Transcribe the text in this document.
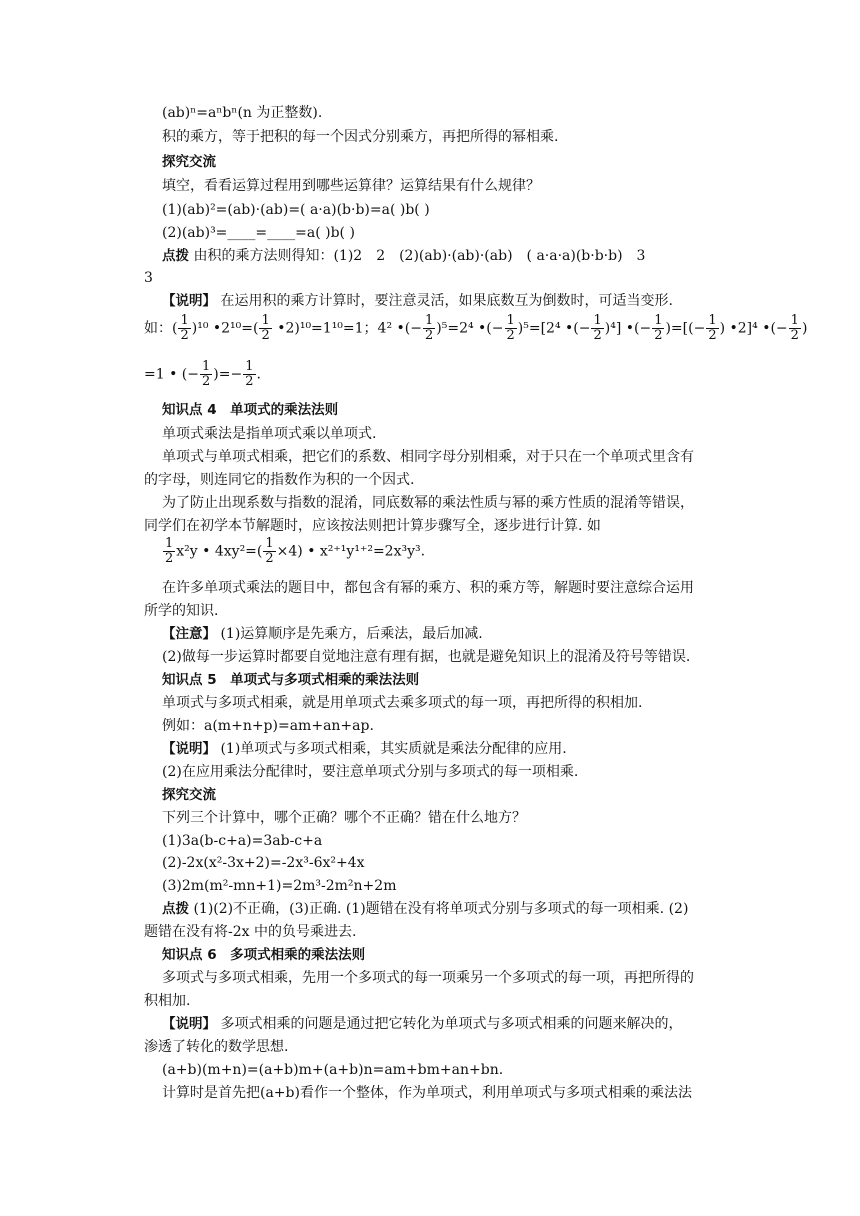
(ab)ⁿ=aⁿbⁿ(n 为正整数).
积的乘方，等于把积的每一个因式分别乘方，再把所得的幂相乘.
探究交流
填空，看看运算过程用到哪些运算律？运算结果有什么规律？
(1)(ab)²=(ab)·(ab)=( a·a)(b·b)=a( )b( )
(2)(ab)³=____=____=a( )b( )
点拨 由积的乘方法则得知：(1)2　2　(2)(ab)·(ab)·(ab)　( a·a·a)(b·b·b)　3
3
【说明】 在运用积的乘方计算时，要注意灵活，如果底数互为倒数时，可适当变形.
如：( $\frac{1}{2} )^{10}$ •2¹⁰=( $\frac{1}{2}$ •2)¹⁰=1¹⁰=1；4² •(− $\frac{1}{2} )^5=2^4$ •(− $\frac{1}{2} )^5=[2^4$ •(− $\frac{1}{2} )^4$] •(− $\frac{1}{2}$ )=[(− $\frac{1}{2}$ ) •2]⁴ •(− $\frac{1}{2}$ )
=1 • (− $\frac{1}{2}$ )=− $\frac{1}{2}$ .
知识点 4　单项式的乘法法则
单项式乘法是指单项式乘以单项式.
单项式与单项式相乘，把它们的系数、相同字母分别相乘，对于只在一个单项式里含有
的字母，则连同它的指数作为积的一个因式.
为了防止出现系数与指数的混淆，同底数幂的乘法性质与幂的乘方性质的混淆等错误，
同学们在初学本节解题时，应该按法则把计算步骤写全，逐步进行计算. 如
$\frac{1}{2} x^2y$ • $4xy^2=( \frac{1}{2} \times 4)$ • x²⁺¹y¹⁺²=2x³y³.
在许多单项式乘法的题目中，都包含有幂的乘方、积的乘方等，解题时要注意综合运用
所学的知识.
【注意】 (1)运算顺序是先乘方，后乘法，最后加减.
(2)做每一步运算时都要自觉地注意有理有据，也就是避免知识上的混淆及符号等错误.
知识点 5　单项式与多项式相乘的乘法法则
单项式与多项式相乘，就是用单项式去乘多项式的每一项，再把所得的积相加.
例如：a(m+n+p)=am+an+ap.
【说明】 (1)单项式与多项式相乘，其实质就是乘法分配律的应用.
(2)在应用乘法分配律时，要注意单项式分别与多项式的每一项相乘.
探究交流
下列三个计算中，哪个正确？哪个不正确？错在什么地方？
(1)3a(b-c+a)=3ab-c+a
(2)-2x(x²-3x+2)=-2x³-6x²+4x
(3)2m(m²-mn+1)=2m³-2m²n+2m
点拨 (1)(2)不正确，(3)正确. (1)题错在没有将单项式分别与多项式的每一项相乘. (2)
题错在没有将-2x 中的负号乘进去.
知识点 6　多项式相乘的乘法法则
多项式与多项式相乘，先用一个多项式的每一项乘另一个多项式的每一项，再把所得的
积相加.
【说明】 多项式相乘的问题是通过把它转化为单项式与多项式相乘的问题来解决的，
渗透了转化的数学思想.
(a+b)(m+n)=(a+b)m+(a+b)n=am+bm+an+bn.
计算时是首先把(a+b)看作一个整体，作为单项式，利用单项式与多项式相乘的乘法法
